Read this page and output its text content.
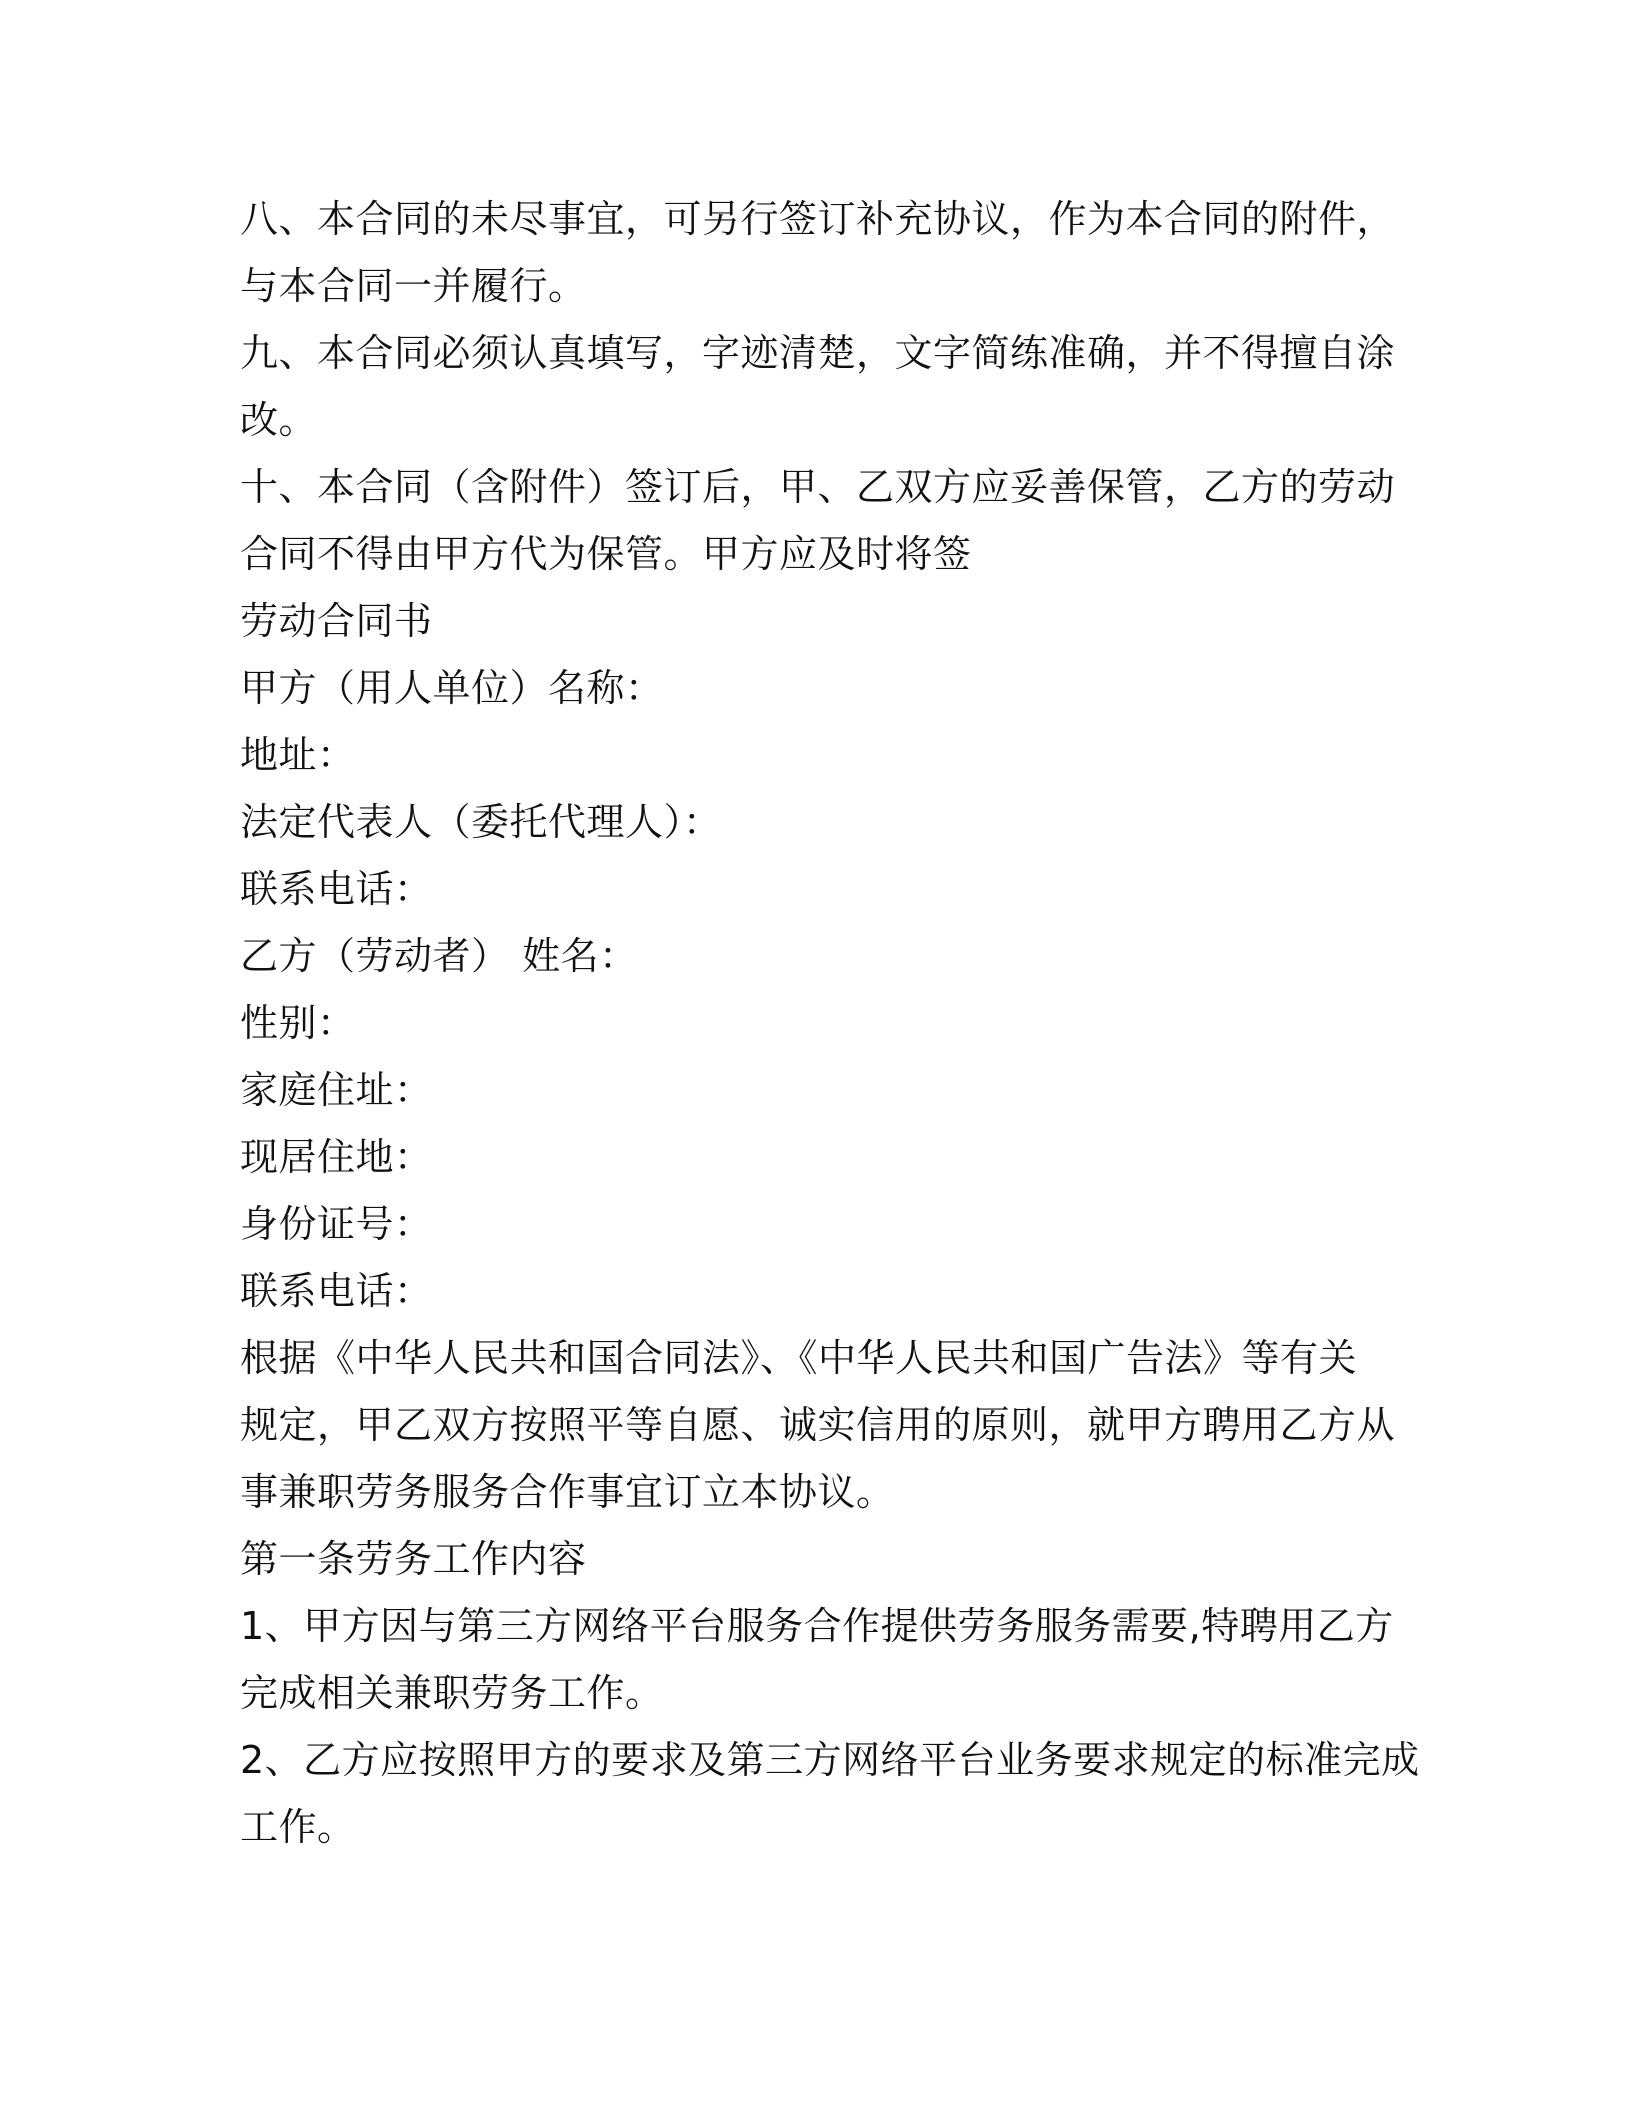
八、本合同的未尽事宜，可另行签订补充协议，作为本合同的附件，
与本合同一并履行。
九、本合同必须认真填写，字迹清楚，文字简练准确，并不得擅自涂
改。
十、本合同（含附件）签订后，甲、乙双方应妥善保管，乙方的劳动
合同不得由甲方代为保管。甲方应及时将签
劳动合同书
甲方（用人单位）名称：
地址：
法定代表人（委托代理人）：
联系电话：
乙方（劳动者） 姓名：
性别：
家庭住址：
现居住地：
身份证号：
联系电话：
根据《中华人民共和国合同法》、《中华人民共和国广告法》等有关
规定，甲乙双方按照平等自愿、诚实信用的原则，就甲方聘用乙方从
事兼职劳务服务合作事宜订立本协议。
第一条劳务工作内容
1、甲方因与第三方网络平台服务合作提供劳务服务需要,特聘用乙方
完成相关兼职劳务工作。
2、乙方应按照甲方的要求及第三方网络平台业务要求规定的标准完成
工作。
